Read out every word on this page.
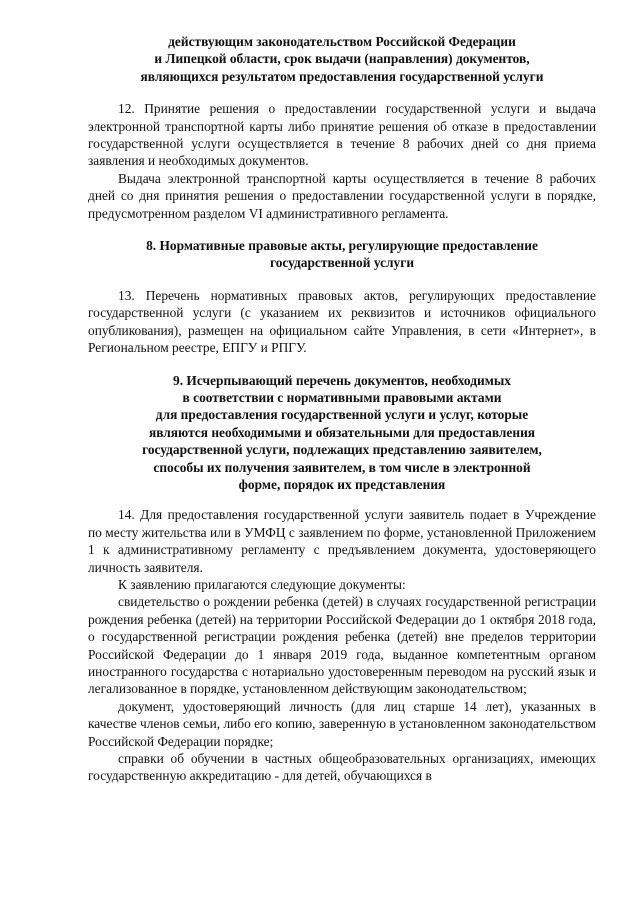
действующим законодательством Российской Федерации
и Липецкой области, срок выдачи (направления) документов,
являющихся результатом предоставления государственной услуги

12. Принятие решения о предоставлении государственной услуги и выдача электронной транспортной карты либо принятие решения об отказе в предоставлении государственной услуги осуществляется в течение 8 рабочих дней со дня приема заявления и необходимых документов.

Выдача электронной транспортной карты осуществляется в течение 8 рабочих дней со дня принятия решения о предоставлении государственной услуги в порядке, предусмотренном разделом VI административного регламента.

8. Нормативные правовые акты, регулирующие предоставление
государственной услуги

13. Перечень нормативных правовых актов, регулирующих предоставление государственной услуги (с указанием их реквизитов и источников официального опубликования), размещен на официальном сайте Управления, в сети «Интернет», в Региональном реестре, ЕПГУ и РПГУ.

9. Исчерпывающий перечень документов, необходимых
в соответствии с нормативными правовыми актами
для предоставления государственной услуги и услуг, которые
являются необходимыми и обязательными для предоставления
государственной услуги, подлежащих представлению заявителем,
способы их получения заявителем, в том числе в электронной
форме, порядок их представления

14. Для предоставления государственной услуги заявитель подает в Учреждение по месту жительства или в УМФЦ с заявлением по форме, установленной Приложением 1 к административному регламенту с предъявлением документа, удостоверяющего личность заявителя.

К заявлению прилагаются следующие документы:

свидетельство о рождении ребенка (детей) в случаях государственной регистрации рождения ребенка (детей) на территории Российской Федерации до 1 октября 2018 года, о государственной регистрации рождения ребенка (детей) вне пределов территории Российской Федерации до 1 января 2019 года, выданное компетентным органом иностранного государства с нотариально удостоверенным переводом на русский язык и легализованное в порядке, установленном действующим законодательством;

документ, удостоверяющий личность (для лиц старше 14 лет), указанных в качестве членов семьи, либо его копию, заверенную в установленном законодательством Российской Федерации порядке;

справки об обучении в частных общеобразовательных организациях, имеющих государственную аккредитацию - для детей, обучающихся в
